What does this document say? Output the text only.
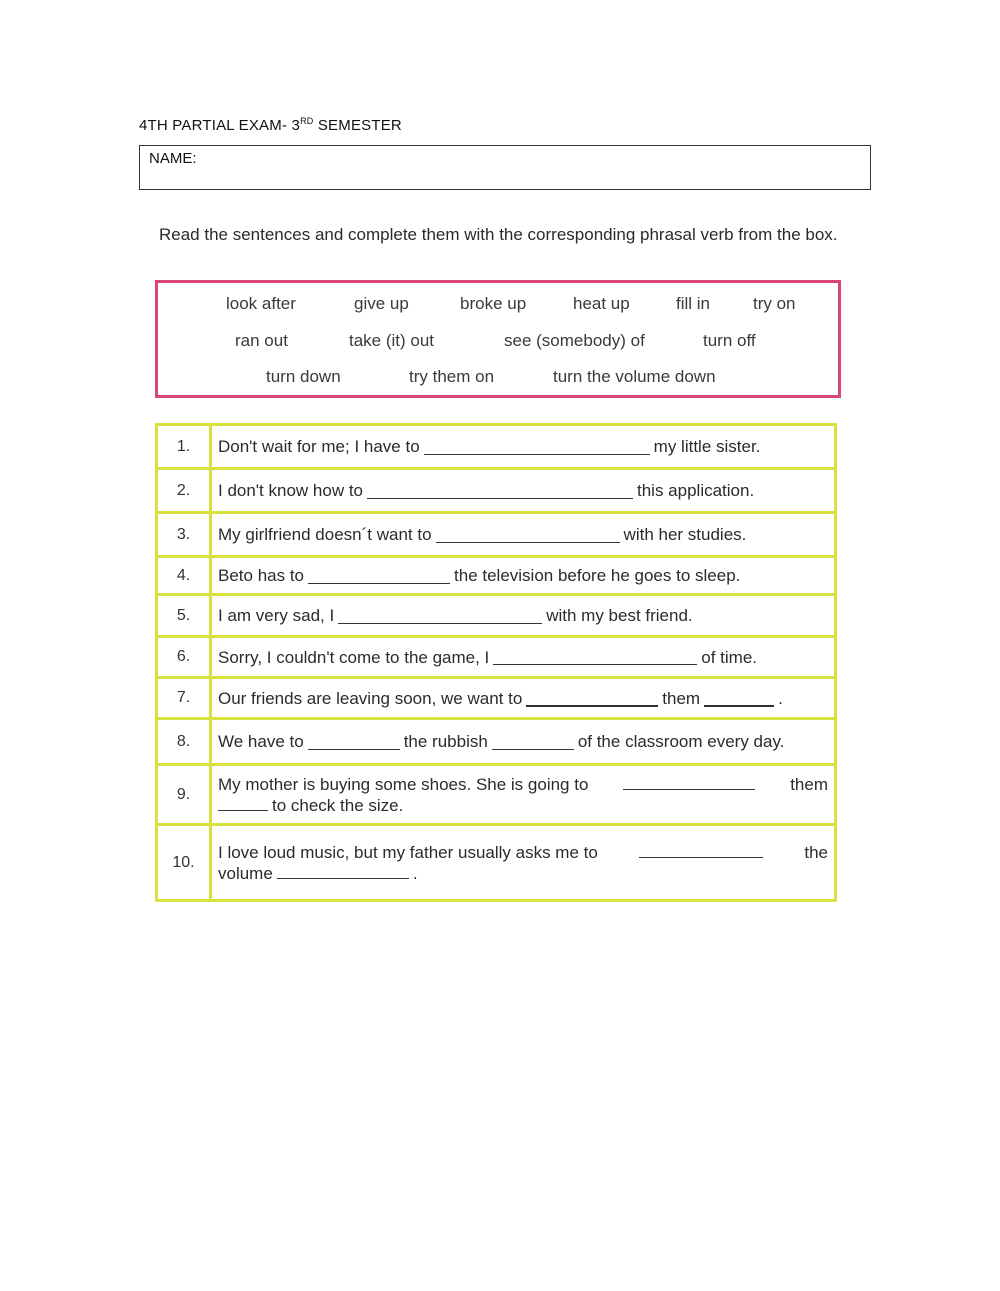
4TH PARTIAL EXAM- 3RD SEMESTER
NAME:
Read the sentences and complete them with the corresponding phrasal verb from the box.
look after	give up	broke up	heat up	fill in	try on
ran out	take (it) out	see (somebody) of	turn off
turn down	try them on	turn the volume down
1.	Don't wait for me; I have to	my little sister.
2.	I don't know how to	this application.
3.	My girlfriend doesn´t want to	with her studies.
4.	Beto has to	the television before he goes to sleep.
5.	I am very sad, I	with my best friend.
6.	Sorry, I couldn't come to the game, I	of time.
7.	Our friends are leaving soon, we want to	them	.
8.	We have to	the rubbish	of the classroom every day.
9.
My mother is buying some shoes. She is going to	them
to check the size.
10.
I love loud music, but my father usually asks me to	the
volume	.
